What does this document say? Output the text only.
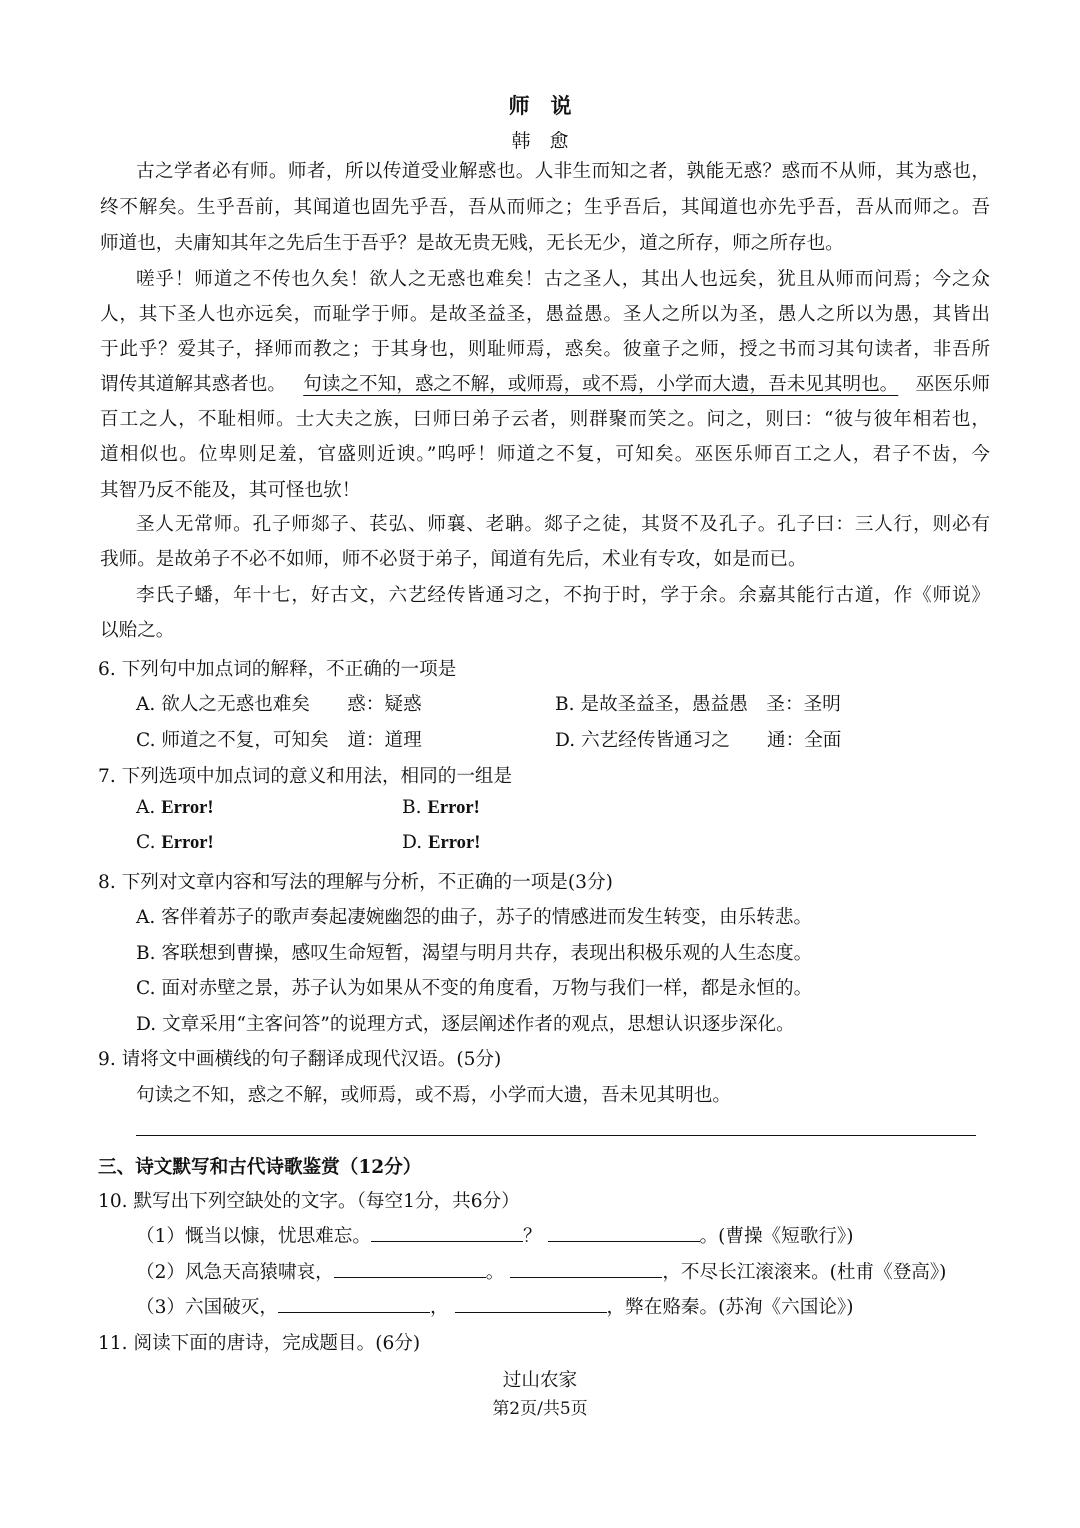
师　说
韩　愈
古之学者必有师。师者，所以传道受业解惑也。人非生而知之者，孰能无惑？惑而不从师，其为惑也，
终不解矣。生乎吾前，其闻道也固先乎吾，吾从而师之；生乎吾后，其闻道也亦先乎吾，吾从而师之。吾
师道也，夫庸知其年之先后生于吾乎？是故无贵无贱，无长无少，道之所存，师之所存也。
嗟乎！师道之不传也久矣！欲人之无惑也难矣！古之圣人，其出人也远矣，犹且从师而问焉；今之众
人，其下圣人也亦远矣，而耻学于师。是故圣益圣，愚益愚。圣人之所以为圣，愚人之所以为愚，其皆出
于此乎？爱其子，择师而教之；于其身也，则耻师焉，惑矣。彼童子之师，授之书而习其句读者，非吾所
谓传其道解其惑者也。 句读之不知，惑之不解，或师焉，或不焉，小学而大遗，吾未见其明也。 巫医乐师
百工之人，不耻相师。士大夫之族，曰师曰弟子云者，则群聚而笑之。问之，则曰：“彼与彼年相若也，
道相似也。位卑则足羞，官盛则近谀。”呜呼！师道之不复，可知矣。巫医乐师百工之人，君子不齿，今
其智乃反不能及，其可怪也欤！
圣人无常师。孔子师郯子、苌弘、师襄、老聃。郯子之徒，其贤不及孔子。孔子曰：三人行，则必有
我师。是故弟子不必不如师，师不必贤于弟子，闻道有先后，术业有专攻，如是而已。
李氏子蟠，年十七，好古文，六艺经传皆通习之，不拘于时，学于余。余嘉其能行古道，作《师说》
以贻之。
6. 下列句中加点词的解释，不正确的一项是
A. 欲人之无惑也难矣　　惑：疑惑	B. 是故圣益圣，愚益愚　圣：圣明
C. 师道之不复，可知矣　道：道理	D. 六艺经传皆通习之　　通：全面
7. 下列选项中加点词的意义和用法，相同的一组是
A. Error!	B. Error!
C. Error!	D. Error!
8. 下列对文章内容和写法的理解与分析，不正确的一项是(3分)
A. 客伴着苏子的歌声奏起凄婉幽怨的曲子，苏子的情感进而发生转变，由乐转悲。
B. 客联想到曹操，感叹生命短暂，渴望与明月共存，表现出积极乐观的人生态度。
C. 面对赤壁之景，苏子认为如果从不变的角度看，万物与我们一样，都是永恒的。
D. 文章采用“主客问答”的说理方式，逐层阐述作者的观点，思想认识逐步深化。
9. 请将文中画横线的句子翻译成现代汉语。(5分)
句读之不知，惑之不解，或师焉，或不焉，小学而大遗，吾未见其明也。
三、诗文默写和古代诗歌鉴赏（12分）
10. 默写出下列空缺处的文字。（每空1分，共6分）
（1）慨当以慷，忧思难忘。	？	。(曹操《短歌行》)
（2）风急天高猿啸哀，	。	，不尽长江滚滚来。(杜甫《登高》)
（3）六国破灭，	，	，弊在赂秦。(苏洵《六国论》)
11. 阅读下面的唐诗，完成题目。(6分)
过山农家
第2页/共5页
